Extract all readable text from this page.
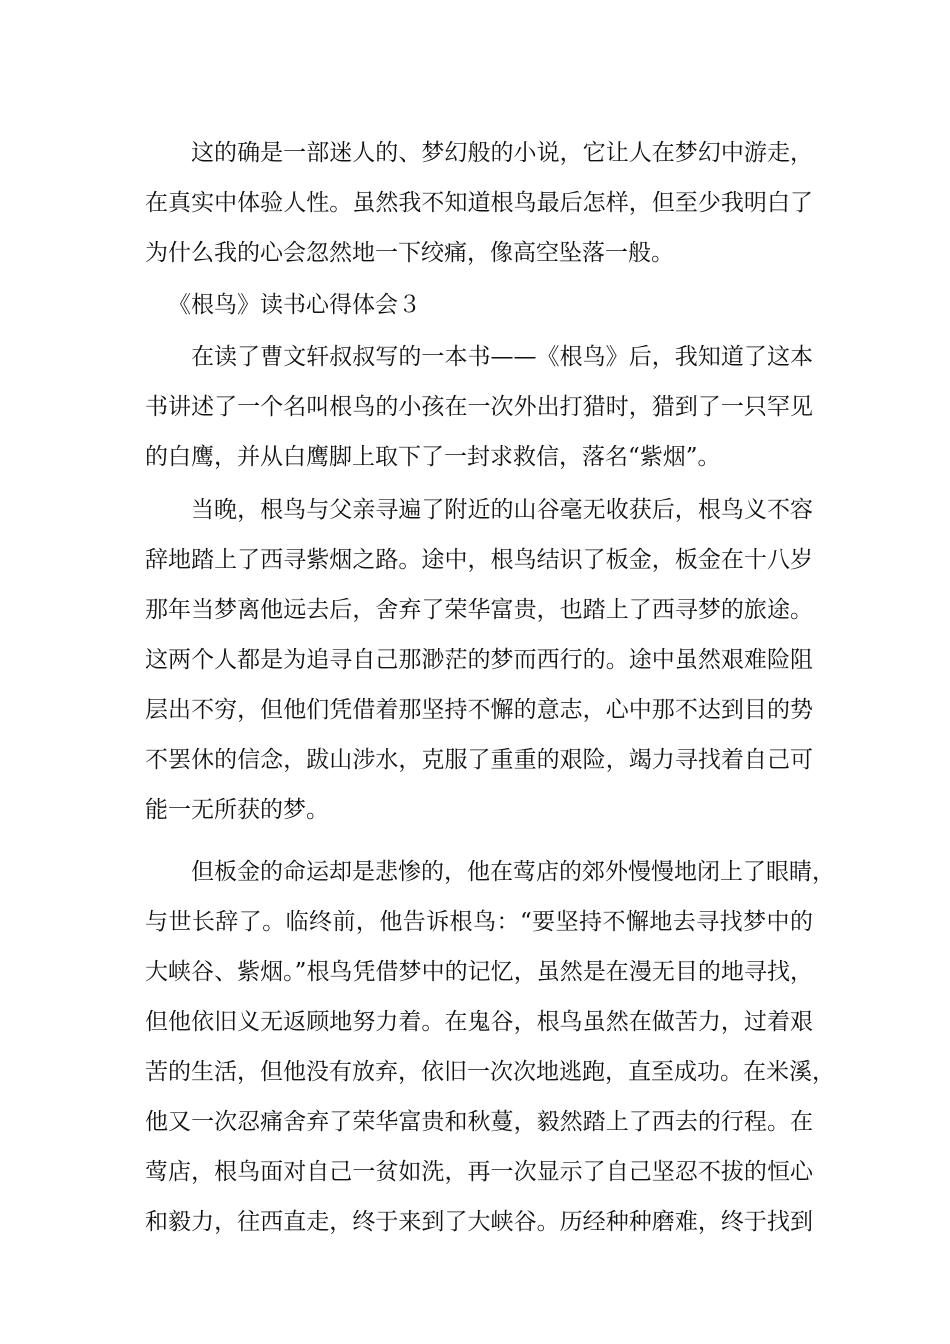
这的确是一部迷人的、梦幻般的小说，它让人在梦幻中游走，
在真实中体验人性。虽然我不知道根鸟最后怎样，但至少我明白了
为什么我的心会忽然地一下绞痛，像高空坠落一般。
《根鸟》读书心得体会３
在读了曹文轩叔叔写的一本书——《根鸟》后，我知道了这本
书讲述了一个名叫根鸟的小孩在一次外出打猎时，猎到了一只罕见
的白鹰，并从白鹰脚上取下了一封求救信，落名“紫烟”。
当晚，根鸟与父亲寻遍了附近的山谷毫无收获后，根鸟义不容
辞地踏上了西寻紫烟之路。途中，根鸟结识了板金，板金在十八岁
那年当梦离他远去后，舍弃了荣华富贵，也踏上了西寻梦的旅途。
这两个人都是为追寻自己那渺茫的梦而西行的。途中虽然艰难险阻
层出不穷，但他们凭借着那坚持不懈的意志，心中那不达到目的势
不罢休的信念，跋山涉水，克服了重重的艰险，竭力寻找着自己可
能一无所获的梦。
但板金的命运却是悲惨的，他在莺店的郊外慢慢地闭上了眼睛，
与世长辞了。临终前，他告诉根鸟：“要坚持不懈地去寻找梦中的
大峡谷、紫烟。”根鸟凭借梦中的记忆，虽然是在漫无目的地寻找，
但他依旧义无返顾地努力着。在鬼谷，根鸟虽然在做苦力，过着艰
苦的生活，但他没有放弃，依旧一次次地逃跑，直至成功。在米溪，
他又一次忍痛舍弃了荣华富贵和秋蔓，毅然踏上了西去的行程。在
莺店，根鸟面对自己一贫如洗，再一次显示了自己坚忍不拔的恒心
和毅力，往西直走，终于来到了大峡谷。历经种种磨难，终于找到
